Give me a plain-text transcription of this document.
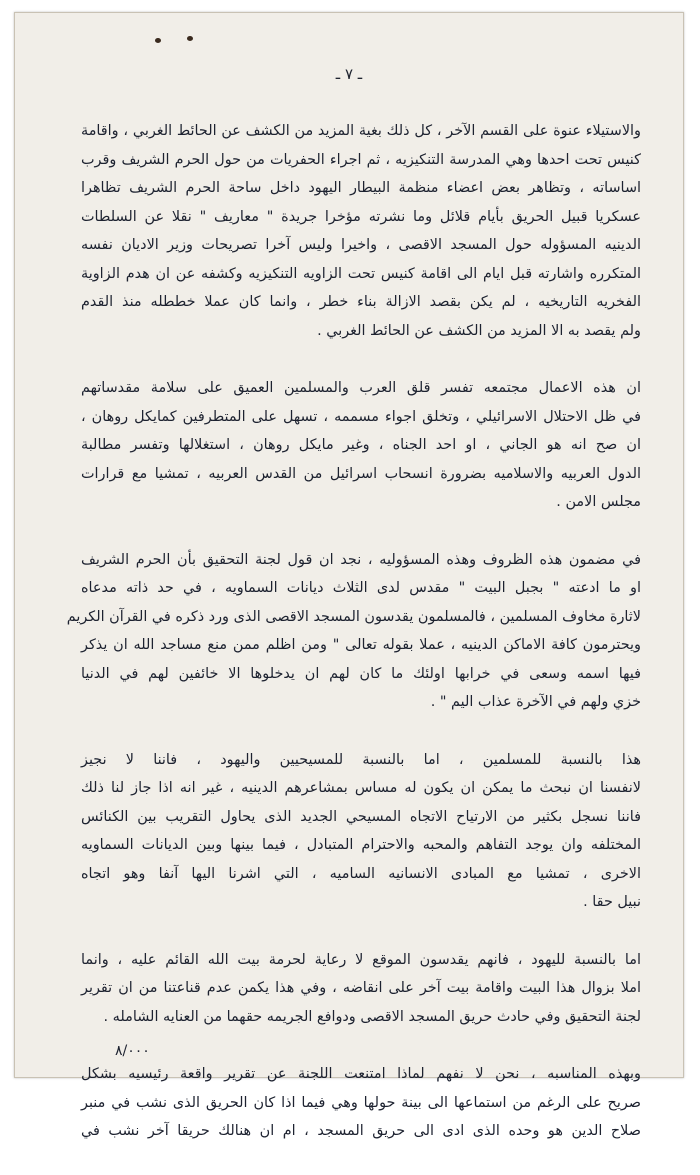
ـ ٧ ـ
والاستيلاء عنوة على القسم الآخر ، كل ذلك بغية المزيد من الكشف عن الحائط الغربي ، واقامة
كنيس تحت احدها وهي المدرسة التنكيزيه ، ثم اجراء الحفريات من حول الحرم الشريف وقرب
اساساته ، وتظاهر بعض اعضاء منظمة البيطار اليهود داخل ساحة الحرم الشريف تظاهرا
عسكريا قبيل الحريق بأيام قلائل وما نشرته مؤخرا جريدة " معاريف " نقلا عن السلطات
الدينيه المسؤوله حول المسجد الاقصى ، واخيرا وليس آخرا تصريحات وزير الاديان نفسه
المتكرره واشارته قبل ايام الى اقامة كنيس تحت الزاويه التنكيزيه وكشفه عن ان هدم الزاوية
الفخريه التاريخيه ، لم يكن بقصد الازالة بناء خطر ، وانما كان عملا خططله منذ القدم
ولم يقصد به الا المزيد من الكشف عن الحائط الغربي .
ان هذه الاعمال مجتمعه تفسر قلق العرب والمسلمين العميق على سلامة مقدساتهم
في ظل الاحتلال الاسرائيلي ، وتخلق اجواء مسممه ، تسهل على المتطرفين كمايكل روهان ،
ان صح انه هو الجاني ، او احد الجناه ، وغير مايكل روهان ، استغلالها وتفسر مطالبة
الدول العربيه والاسلاميه بضرورة انسحاب اسرائيل من القدس العربيه ، تمشيا مع قرارات
مجلس الامن .
في مضمون هذه الظروف وهذه المسؤوليه ، نجد ان قول لجنة التحقيق بأن الحرم الشريف
او ما ادعته " بجبل البيت " مقدس لدى الثلاث ديانات السماويه ، في حد ذاته مدعاه
لاثارة مخاوف المسلمين ، فالمسلمون يقدسون المسجد الاقصى الذى ورد ذكره في القرآن الكريم
ويحترمون كافة الاماكن الدينيه ، عملا بقوله تعالى " ومن اظلم ممن منع مساجد الله ان يذكر
فيها اسمه وسعى في خرابها اولئك ما كان لهم ان يدخلوها الا خائفين لهم في الدنيا
خزي ولهم في الآخرة عذاب اليم " .
هذا بالنسبة للمسلمين ، اما بالنسبة للمسيحيين واليهود ، فاننا لا نجيز
لانفسنا ان نبحث ما يمكن ان يكون له مساس بمشاعرهم الدينيه ، غير انه اذا جاز لنا ذلك
فاننا نسجل بكثير من الارتياح الاتجاه المسيحي الجديد الذى يحاول التقريب بين الكنائس
المختلفه وان يوجد التفاهم والمحبه والاحترام المتبادل ، فيما بينها وبين الديانات السماويه
الاخرى ، تمشيا مع المبادى الانسانيه الساميه ، التي اشرنا اليها آنفا وهو اتجاه
نبيل حقا .
اما بالنسبة لليهود ، فانهم يقدسون الموقع لا رعاية لحرمة بيت الله القائم عليه ، وانما
املا بزوال هذا البيت واقامة بيت آخر على انقاضه ، وفي هذا يكمن عدم قناعتنا من ان تقرير
لجنة التحقيق وفي حادث حريق المسجد الاقصى ودوافع الجريمه حقهما من العنايه الشامله .
وبهذه المناسبه ، نحن لا نفهم لماذا امتنعت اللجنة عن تقرير واقعة رئيسيه بشكل
صريح على الرغم من استماعها الى بينة حولها وهي فيما اذا كان الحريق الذى نشب في منبر
صلاح الدين هو وحده الذى ادى الى حريق المسجد ، ام ان هنالك حريقا آخر نشب في
٨/٠٠٠
